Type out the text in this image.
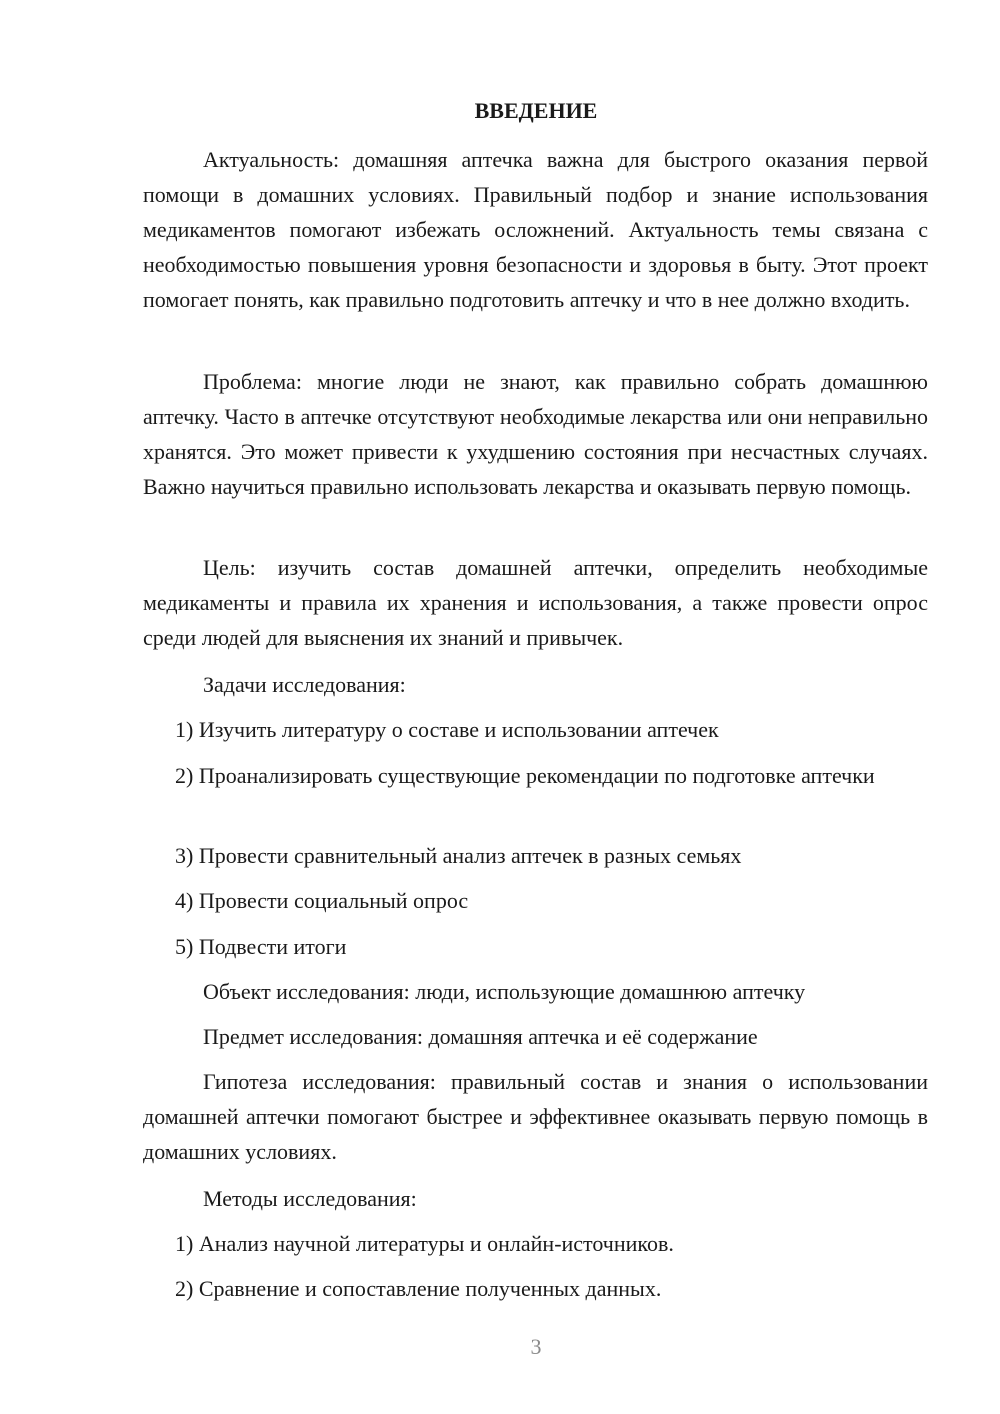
ВВЕДЕНИЕ

Актуальность: домашняя аптечка важна для быстрого оказания первой помощи в домашних условиях. Правильный подбор и знание использования медикаментов помогают избежать осложнений. Актуальность темы связана с необходимостью повышения уровня безопасности и здоровья в быту. Этот проект помогает понять, как правильно подготовить аптечку и что в нее должно входить.

Проблема: многие люди не знают, как правильно собрать домашнюю аптечку. Часто в аптечке отсутствуют необходимые лекарства или они неправильно хранятся. Это может привести к ухудшению состояния при несчастных случаях. Важно научиться правильно использовать лекарства и оказывать первую помощь.

Цель: изучить состав домашней аптечки, определить необходимые медикаменты и правила их хранения и использования, а также провести опрос среди людей для выяснения их знаний и привычек.

Задачи исследования:

1) Изучить литературу о составе и использовании аптечек

2) Проанализировать существующие рекомендации по подготовке аптечки

3) Провести сравнительный анализ аптечек в разных семьях

4) Провести социальный опрос

5) Подвести итоги

Объект исследования: люди, использующие домашнюю аптечку

Предмет исследования: домашняя аптечка и её содержание

Гипотеза исследования: правильный состав и знания о использовании домашней аптечки помогают быстрее и эффективнее оказывать первую помощь в домашних условиях.

Методы исследования:

1) Анализ научной литературы и онлайн-источников.

2) Сравнение и сопоставление полученных данных.

3
